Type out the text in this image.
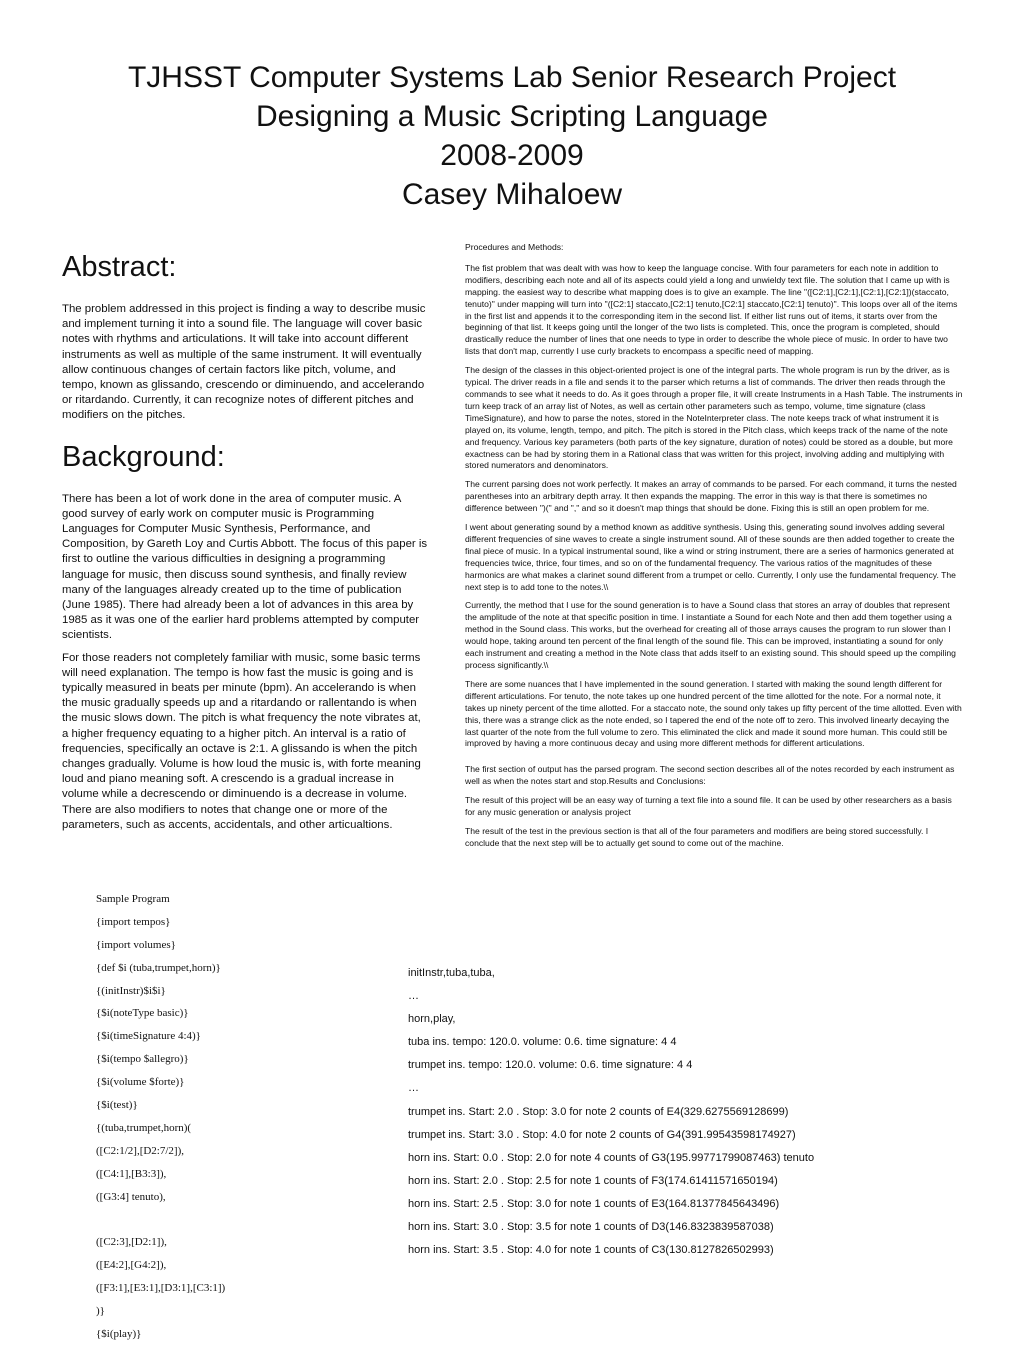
TJHSST Computer Systems Lab Senior Research Project
Designing a Music Scripting Language
2008-2009
Casey Mihaloew
Abstract:

The problem addressed in this project is finding a way to describe music and implement turning it into a sound file. The language will cover basic notes with rhythms and articulations. It will take into account different instruments as well as multiple of the same instrument. It will eventually allow continuous changes of certain factors like pitch, volume, and tempo, known as glissando, crescendo or diminuendo, and accelerando or ritardando. Currently, it can recognize notes of different pitches and modifiers on the pitches.

Background:

There has been a lot of work done in the area of computer music. A good survey of early work on computer music is Programming Languages for Computer Music Synthesis, Performance, and Composition, by Gareth Loy and Curtis Abbott. The focus of this paper is first to outline the various difficulties in designing a programming language for music, then discuss sound synthesis, and finally review many of the languages already created up to the time of publication (June 1985). There had already been a lot of advances in this area by 1985 as it was one of the earlier hard problems attempted by computer scientists.

For those readers not completely familiar with music, some basic terms will need explanation. The tempo is how fast the music is going and is typically measured in beats per minute (bpm). An accelerando is when the music gradually speeds up and a ritardando or rallentando is when the music slows down. The pitch is what frequency the note vibrates at, a higher frequency equating to a higher pitch. An interval is a ratio of frequencies, specifically an octave is 2:1. A glissando is when the pitch changes gradually. Volume is how loud the music is, with forte meaning loud and piano meaning soft. A crescendo is a gradual increase in volume while a decrescendo or diminuendo is a decrease in volume. There are also modifiers to notes that change one or more of the parameters, such as accents, accidentals, and other articualtions.

Procedures and Methods:

The fist problem that was dealt with was how to keep the language concise. With four parameters for each note in addition to modifiers, describing each note and all of its aspects could yield a long and unwieldy text file. The solution that I came up with is mapping. the easiest way to describe what mapping does is to give an example. The line "([C2:1],[C2:1],[C2:1],[C2:1])(staccato, tenuto)" under mapping will turn into "([C2:1] staccato,[C2:1] tenuto,[C2:1] staccato,[C2:1] tenuto)". This loops over all of the items in the first list and appends it to the corresponding item in the second list. If either list runs out of items, it starts over from the beginning of that list. It keeps going until the longer of the two lists is completed. This, once the program is completed, should drastically reduce the number of lines that one needs to type in order to describe the whole piece of music. In order to have two lists that don't map, currently I use curly brackets to encompass a specific need of mapping.

The design of the classes in this object-oriented project is one of the integral parts. The whole program is run by the driver, as is typical. The driver reads in a file and sends it to the parser which returns a list of commands. The driver then reads through the commands to see what it needs to do. As it goes through a proper file, it will create Instruments in a Hash Table. The instruments in turn keep track of an array list of Notes, as well as certain other parameters such as tempo, volume, time signature (class TimeSignature), and how to parse the notes, stored in the NoteInterpreter class. The note keeps track of what instrument it is played on, its volume, length, tempo, and pitch. The pitch is stored in the Pitch class, which keeps track of the name of the note and frequency. Various key parameters (both parts of the key signature, duration of notes) could be stored as a double, but more exactness can be had by storing them in a Rational class that was written for this project, involving adding and multiplying with stored numerators and denominators.

The current parsing does not work perfectly. It makes an array of commands to be parsed. For each command, it turns the nested parentheses into an arbitrary depth array. It then expands the mapping. The error in this way is that there is sometimes no difference between ")(" and "," and so it doesn't map things that should be done. Fixing this is still an open problem for me.

I went about generating sound by a method known as additive synthesis. Using this, generating sound involves adding several different frequencies of sine waves to create a single instrument sound. All of these sounds are then added together to create the final piece of music. In a typical instrumental sound, like a wind or string instrument, there are a series of harmonics generated at frequencies twice, thrice, four times, and so on of the fundamental frequency. The various ratios of the magnitudes of these harmonics are what makes a clarinet sound different from a trumpet or cello. Currently, I only use the fundamental frequency. The next step is to add tone to the notes.\\

Currently, the method that I use for the sound generation is to have a Sound class that stores an array of doubles that represent the amplitude of the note at that specific position in time. I instantiate a Sound for each Note and then add them together using a method in the Sound class. This works, but the overhead for creating all of those arrays causes the program to run slower than I would hope, taking around ten percent of the final length of the sound file. This can be improved, instantiating a sound for only each instrument and creating a method in the Note class that adds itself to an existing sound. This should speed up the compiling process significantly.\\

There are some nuances that I have implemented in the sound generation. I started with making the sound length different for different articulations. For tenuto, the note takes up one hundred percent of the time allotted for the note. For a normal note, it takes up ninety percent of the time allotted. For a staccato note, the sound only takes up fifty percent of the time allotted. Even with this, there was a strange click as the note ended, so I tapered the end of the note off to zero. This involved linearly decaying the last quarter of the note from the full volume to zero. This eliminated the click and made it sound more human. This could still be improved by having a more continuous decay and using more different methods for different articulations.

The first section of output has the parsed program. The second section describes all of the notes recorded by each instrument as well as when the notes start and stop.Results and Conclusions:

The result of this project will be an easy way of turning a text file into a sound file. It can be used by other researchers as a basis for any music generation or analysis project

The result of the test in the previous section is that all of the four parameters and modifiers are being stored successfully. I conclude that the next step will be to actually get sound to come out of the machine.

Sample Program
{import tempos}
{import volumes}
{def $i (tuba,trumpet,horn)}
{(initInstr)$i$i}
{$i(noteType basic)}
{$i(timeSignature 4:4)}
{$i(tempo $allegro)}
{$i(volume $forte)}
{$i(test)}
{(tuba,trumpet,horn)(
([C2:1/2],[D2:7/2]),
([C4:1],[B3:3]),
([G3:4] tenuto),
([C2:3],[D2:1]),
([E4:2],[G4:2]),
([F3:1],[E3:1],[D3:1],[C3:1])
)}
{$i(play)}
initInstr,tuba,tuba,
…
horn,play,
tuba ins. tempo: 120.0. volume: 0.6. time signature: 4 4
trumpet ins. tempo: 120.0. volume: 0.6. time signature: 4 4
…
trumpet ins. Start: 2.0 . Stop: 3.0 for note 2 counts of E4(329.6275569128699)
trumpet ins. Start: 3.0 . Stop: 4.0 for note 2 counts of G4(391.99543598174927)
horn ins. Start: 0.0 . Stop: 2.0 for note 4 counts of G3(195.99771799087463) tenuto
horn ins. Start: 2.0 . Stop: 2.5 for note 1 counts of F3(174.61411571650194)
horn ins. Start: 2.5 . Stop: 3.0 for note 1 counts of E3(164.81377845643496)
horn ins. Start: 3.0 . Stop: 3.5 for note 1 counts of D3(146.8323839587038)
horn ins. Start: 3.5 . Stop: 4.0 for note 1 counts of C3(130.8127826502993)
